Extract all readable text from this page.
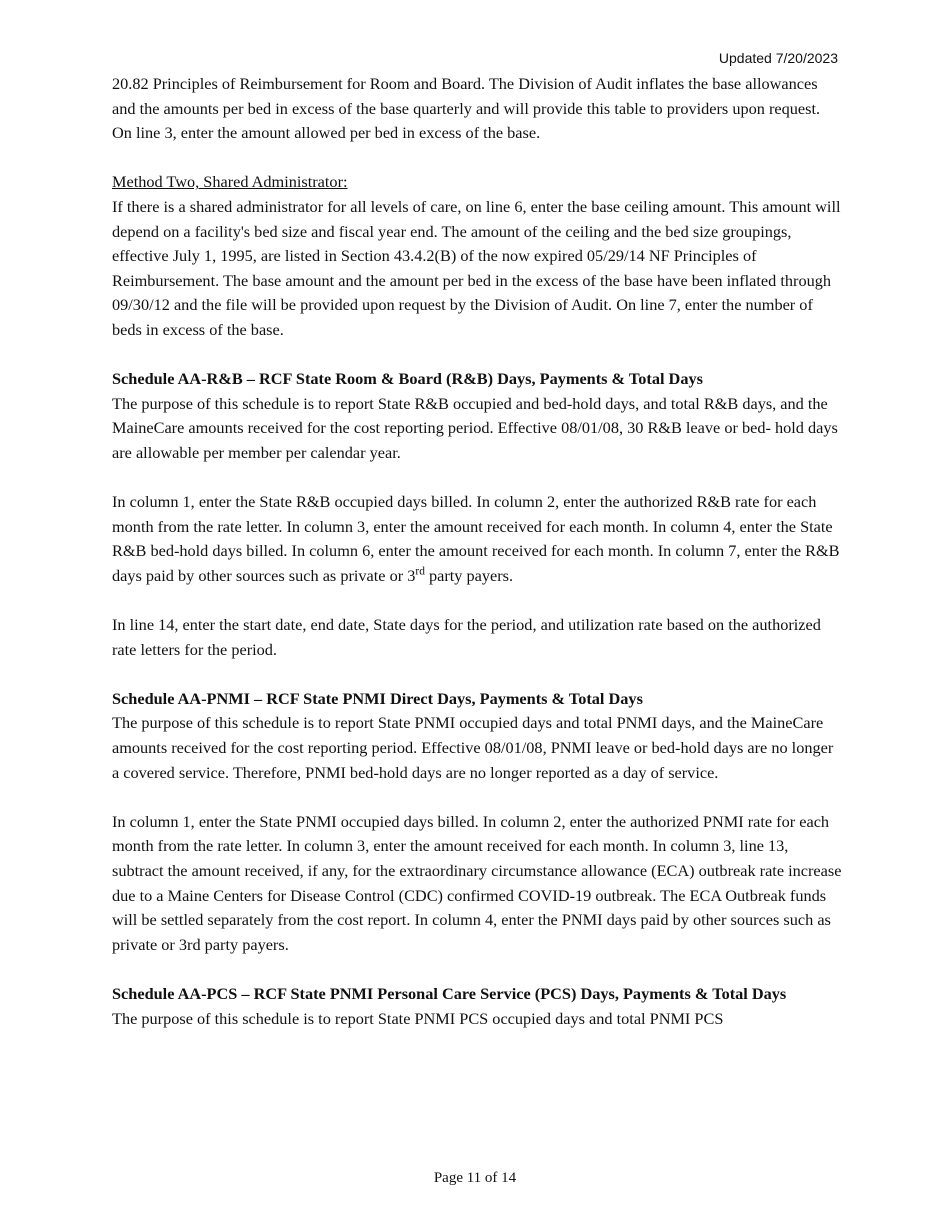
Updated 7/20/2023

20.82 Principles of Reimbursement for Room and Board. The Division of Audit inflates the base allowances and the amounts per bed in excess of the base quarterly and will provide this table to providers upon request. On line 3, enter the amount allowed per bed in excess of the base.

Method Two, Shared Administrator:

If there is a shared administrator for all levels of care, on line 6, enter the base ceiling amount. This amount will depend on a facility's bed size and fiscal year end. The amount of the ceiling and the bed size groupings, effective July 1, 1995, are listed in Section 43.4.2(B) of the now expired 05/29/14 NF Principles of Reimbursement. The base amount and the amount per bed in the excess of the base have been inflated through 09/30/12 and the file will be provided upon request by the Division of Audit. On line 7, enter the number of beds in excess of the base.

Schedule AA-R&B – RCF State Room & Board (R&B) Days, Payments & Total Days

The purpose of this schedule is to report State R&B occupied and bed-hold days, and total R&B days, and the MaineCare amounts received for the cost reporting period. Effective 08/01/08, 30 R&B leave or bed- hold days are allowable per member per calendar year.

In column 1, enter the State R&B occupied days billed. In column 2, enter the authorized R&B rate for each month from the rate letter. In column 3, enter the amount received for each month. In column 4, enter the State R&B bed-hold days billed. In column 6, enter the amount received for each month. In column 7, enter the R&B days paid by other sources such as private or 3rd party payers.

In line 14, enter the start date, end date, State days for the period, and utilization rate based on the authorized rate letters for the period.

Schedule AA-PNMI – RCF State PNMI Direct Days, Payments & Total Days

The purpose of this schedule is to report State PNMI occupied days and total PNMI days, and the MaineCare amounts received for the cost reporting period. Effective 08/01/08, PNMI leave or bed-hold days are no longer a covered service. Therefore, PNMI bed-hold days are no longer reported as a day of service.

In column 1, enter the State PNMI occupied days billed. In column 2, enter the authorized PNMI rate for each month from the rate letter. In column 3, enter the amount received for each month. In column 3, line 13, subtract the amount received, if any, for the extraordinary circumstance allowance (ECA) outbreak rate increase due to a Maine Centers for Disease Control (CDC) confirmed COVID-19 outbreak. The ECA Outbreak funds will be settled separately from the cost report. In column 4, enter the PNMI days paid by other sources such as private or 3rd party payers.

Schedule AA-PCS – RCF State PNMI Personal Care Service (PCS) Days, Payments & Total Days

The purpose of this schedule is to report State PNMI PCS occupied days and total PNMI PCS

Page 11 of 14
